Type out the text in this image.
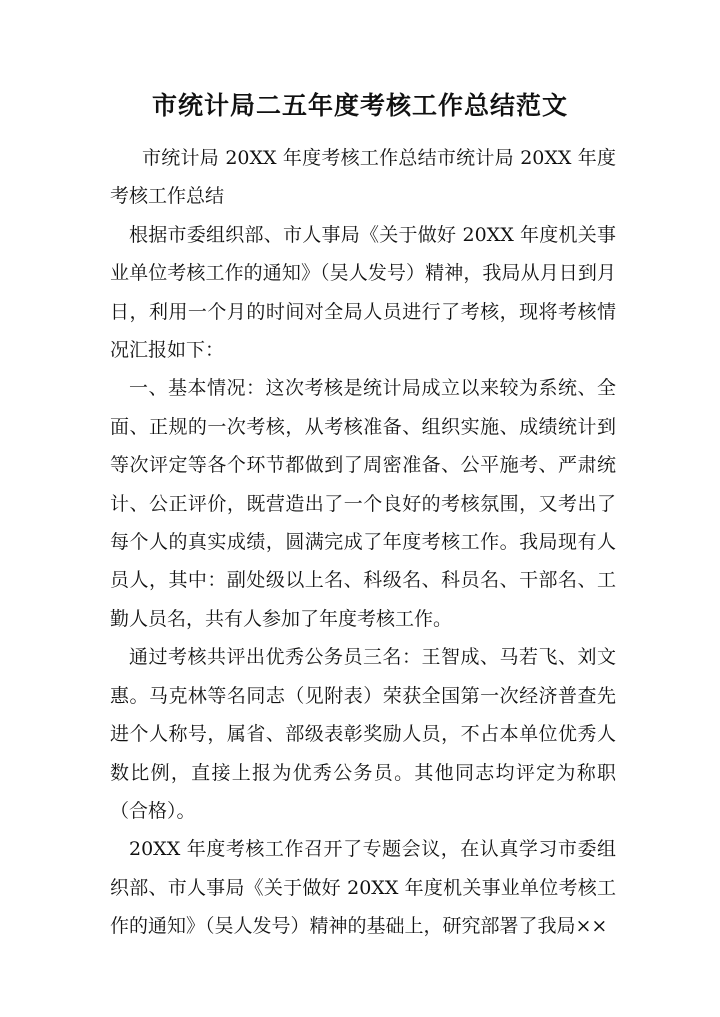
市统计局二五年度考核工作总结范文

市统计局 20XX 年度考核工作总结市统计局 20XX 年度考核工作总结

根据市委组织部、市人事局《关于做好 20XX 年度机关事业单位考核工作的通知》（吴人发号）精神，我局从月日到月日，利用一个月的时间对全局人员进行了考核，现将考核情况汇报如下：

一、基本情况：这次考核是统计局成立以来较为系统、全面、正规的一次考核，从考核准备、组织实施、成绩统计到等次评定等各个环节都做到了周密准备、公平施考、严肃统计、公正评价，既营造出了一个良好的考核氛围，又考出了每个人的真实成绩，圆满完成了年度考核工作。我局现有人员人，其中：副处级以上名、科级名、科员名、干部名、工勤人员名，共有人参加了年度考核工作。

通过考核共评出优秀公务员三名：王智成、马若飞、刘文惠。马克林等名同志（见附表）荣获全国第一次经济普查先进个人称号，属省、部级表彰奖励人员，不占本单位优秀人数比例，直接上报为优秀公务员。其他同志均评定为称职（合格）。

20XX 年度考核工作召开了专题会议，在认真学习市委组织部、市人事局《关于做好 20XX 年度机关事业单位考核工作的通知》（吴人发号）精神的基础上，研究部署了我局××
